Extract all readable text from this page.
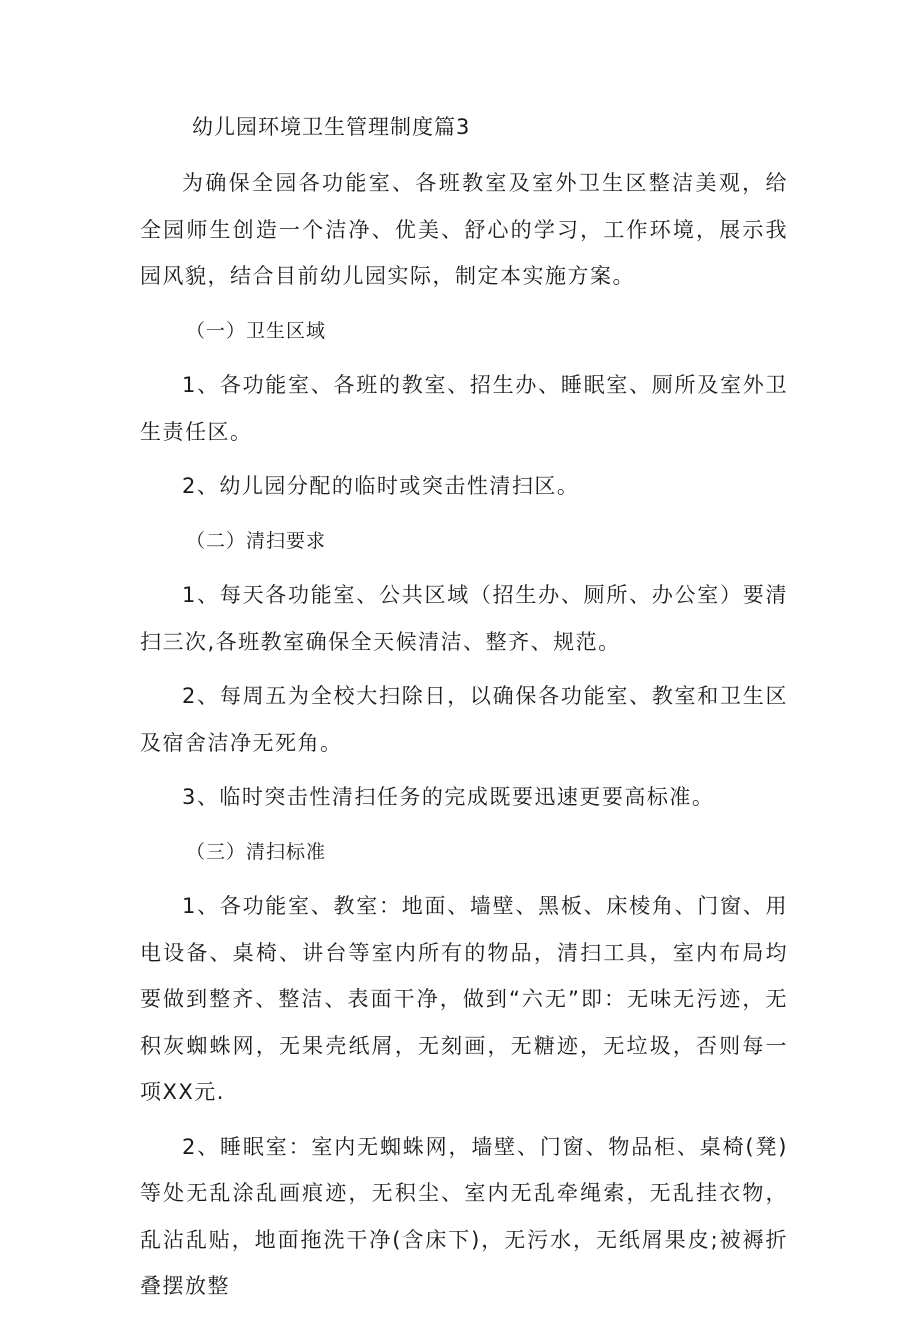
幼儿园环境卫生管理制度篇3

为确保全园各功能室、各班教室及室外卫生区整洁美观，给全园师生创造一个洁净、优美、舒心的学习，工作环境，展示我园风貌，结合目前幼儿园实际，制定本实施方案。

（一）卫生区域

1、各功能室、各班的教室、招生办、睡眠室、厕所及室外卫生责任区。

2、幼儿园分配的临时或突击性清扫区。

（二）清扫要求

1、每天各功能室、公共区域（招生办、厕所、办公室）要清扫三次,各班教室确保全天候清洁、整齐、规范。

2、每周五为全校大扫除日，以确保各功能室、教室和卫生区及宿舍洁净无死角。

3、临时突击性清扫任务的完成既要迅速更要高标准。

（三）清扫标准

1、各功能室、教室：地面、墙壁、黑板、床棱角、门窗、用电设备、桌椅、讲台等室内所有的物品，清扫工具，室内布局均要做到整齐、整洁、表面干净，做到“六无”即：无味无污迹，无积灰蜘蛛网，无果壳纸屑，无刻画，无糖迹，无垃圾，否则每一项XX元.

2、睡眠室：室内无蜘蛛网，墙壁、门窗、物品柜、桌椅(凳)等处无乱涂乱画痕迹，无积尘、室内无乱牵绳索，无乱挂衣物，乱沾乱贴，地面拖洗干净(含床下)，无污水，无纸屑果皮;被褥折叠摆放整
